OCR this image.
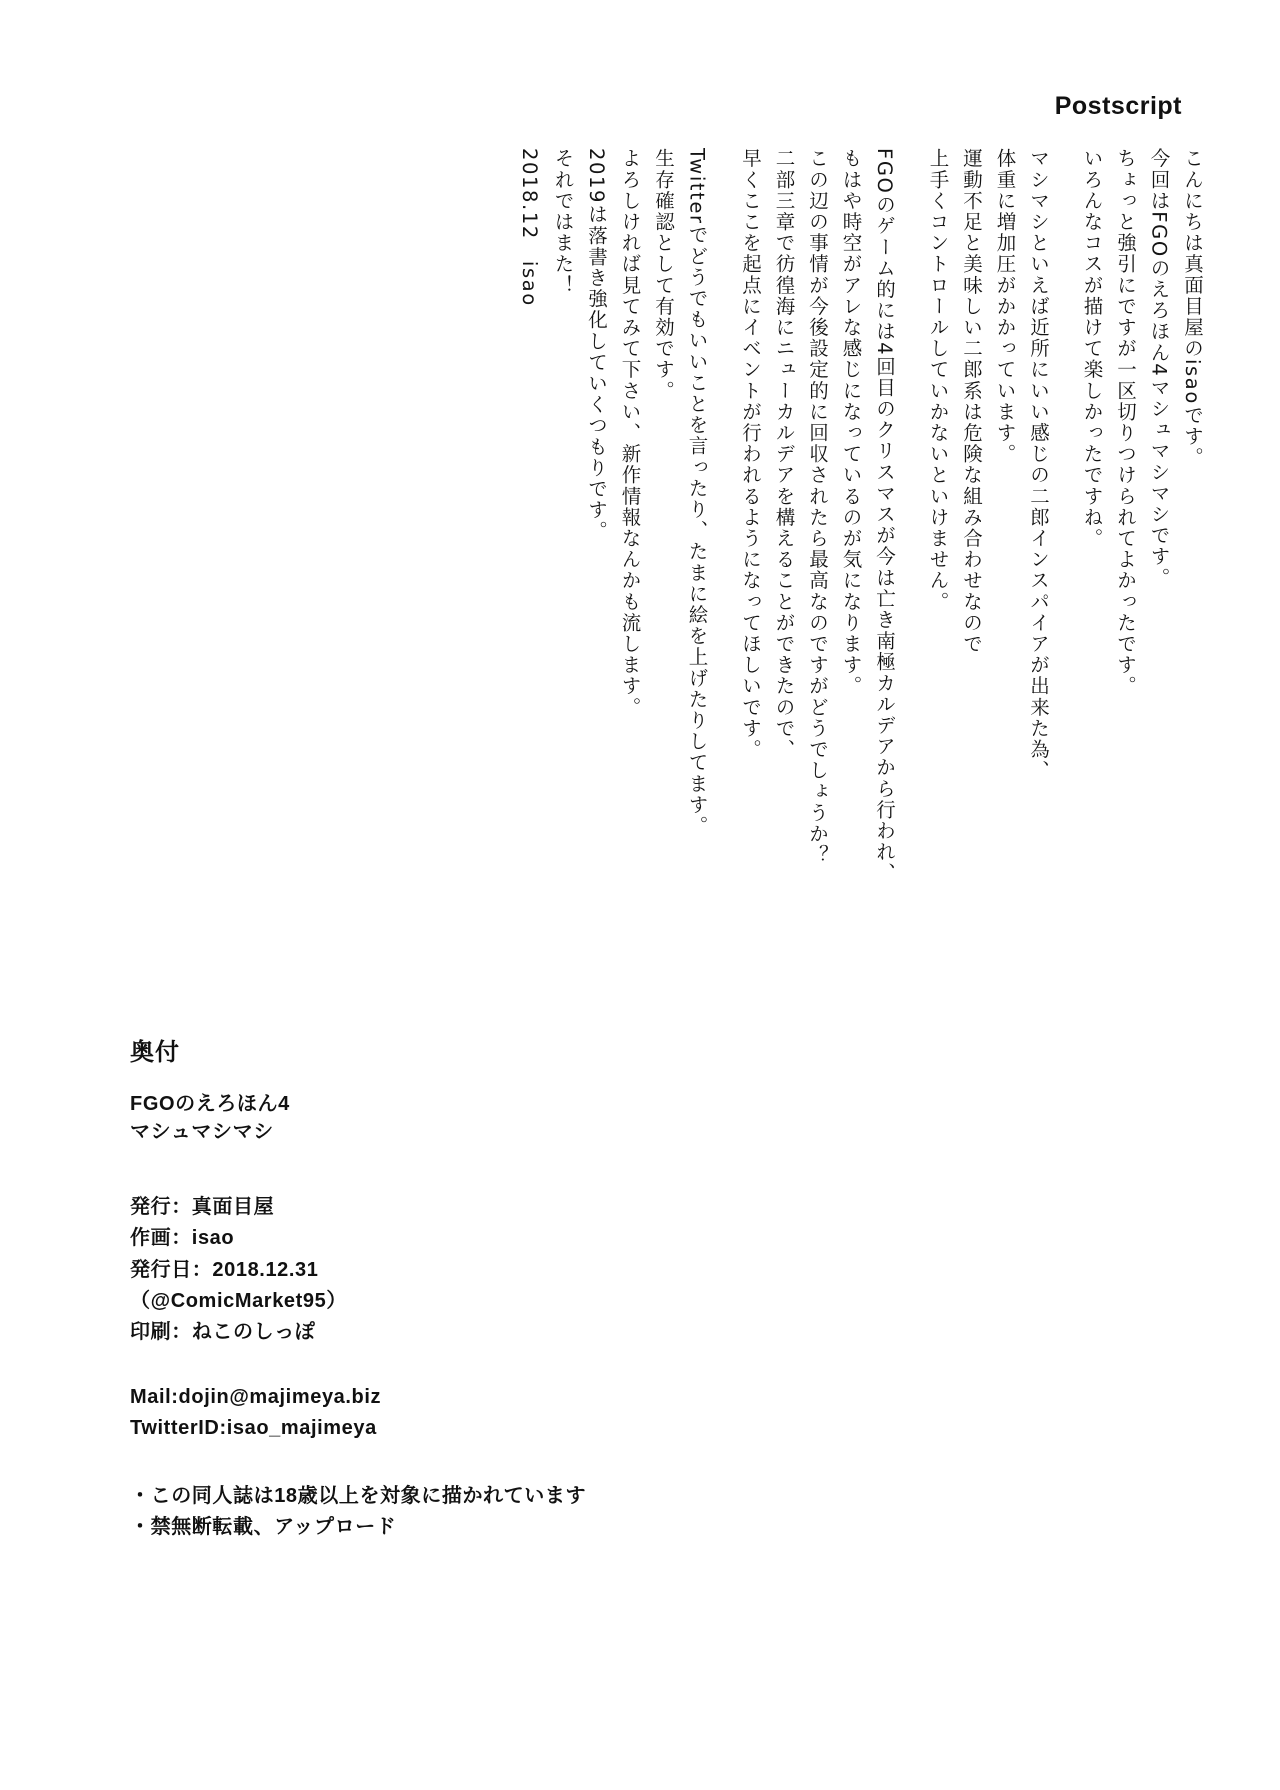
Postscript
2018.12　isao それではまた！ 2019は落書き強化していくつもりです。 よろしければ見てみて下さい、新作情報なんかも流します。 生存確認として有効です。 Twitterでどうでもいいことを言ったり、たまに絵を上げたりしてます。 早くここを起点にイベントが行われるようになってほしいです。 二部三章で彷徨海にニューカルデアを構えることができたので、 この辺の事情が今後設定的に回収されたら最高なのですがどうでしょうか？ もはや時空がアレな感じになっているのが気になります。 FGOのゲーム的には4回目のクリスマスが今は亡き南極カルデアから行われ、 上手くコントロールしていかないといけません。 運動不足と美味しい二郎系は危険な組み合わせなので 体重に増加圧がかかっています。 マシマシといえば近所にいい感じの二郎インスパイアが出来た為、 いろんなコスが描けて楽しかったですね。 ちょっと強引にですが一区切りつけられてよかったです。 今回はFGOのえろほん4マシュマシマシです。 こんにちは真面目屋のisaoです。
奥付
FGOのえろほん4
マシュマシマシ
発行：真面目屋
作画：isao
発行日：2018.12.31
（@ComicMarket95）
印刷：ねこのしっぽ
Mail:dojin@majimeya.biz
TwitterID:isao_majimeya
・この同人誌は18歳以上を対象に描かれています
・禁無断転載、アップロード
